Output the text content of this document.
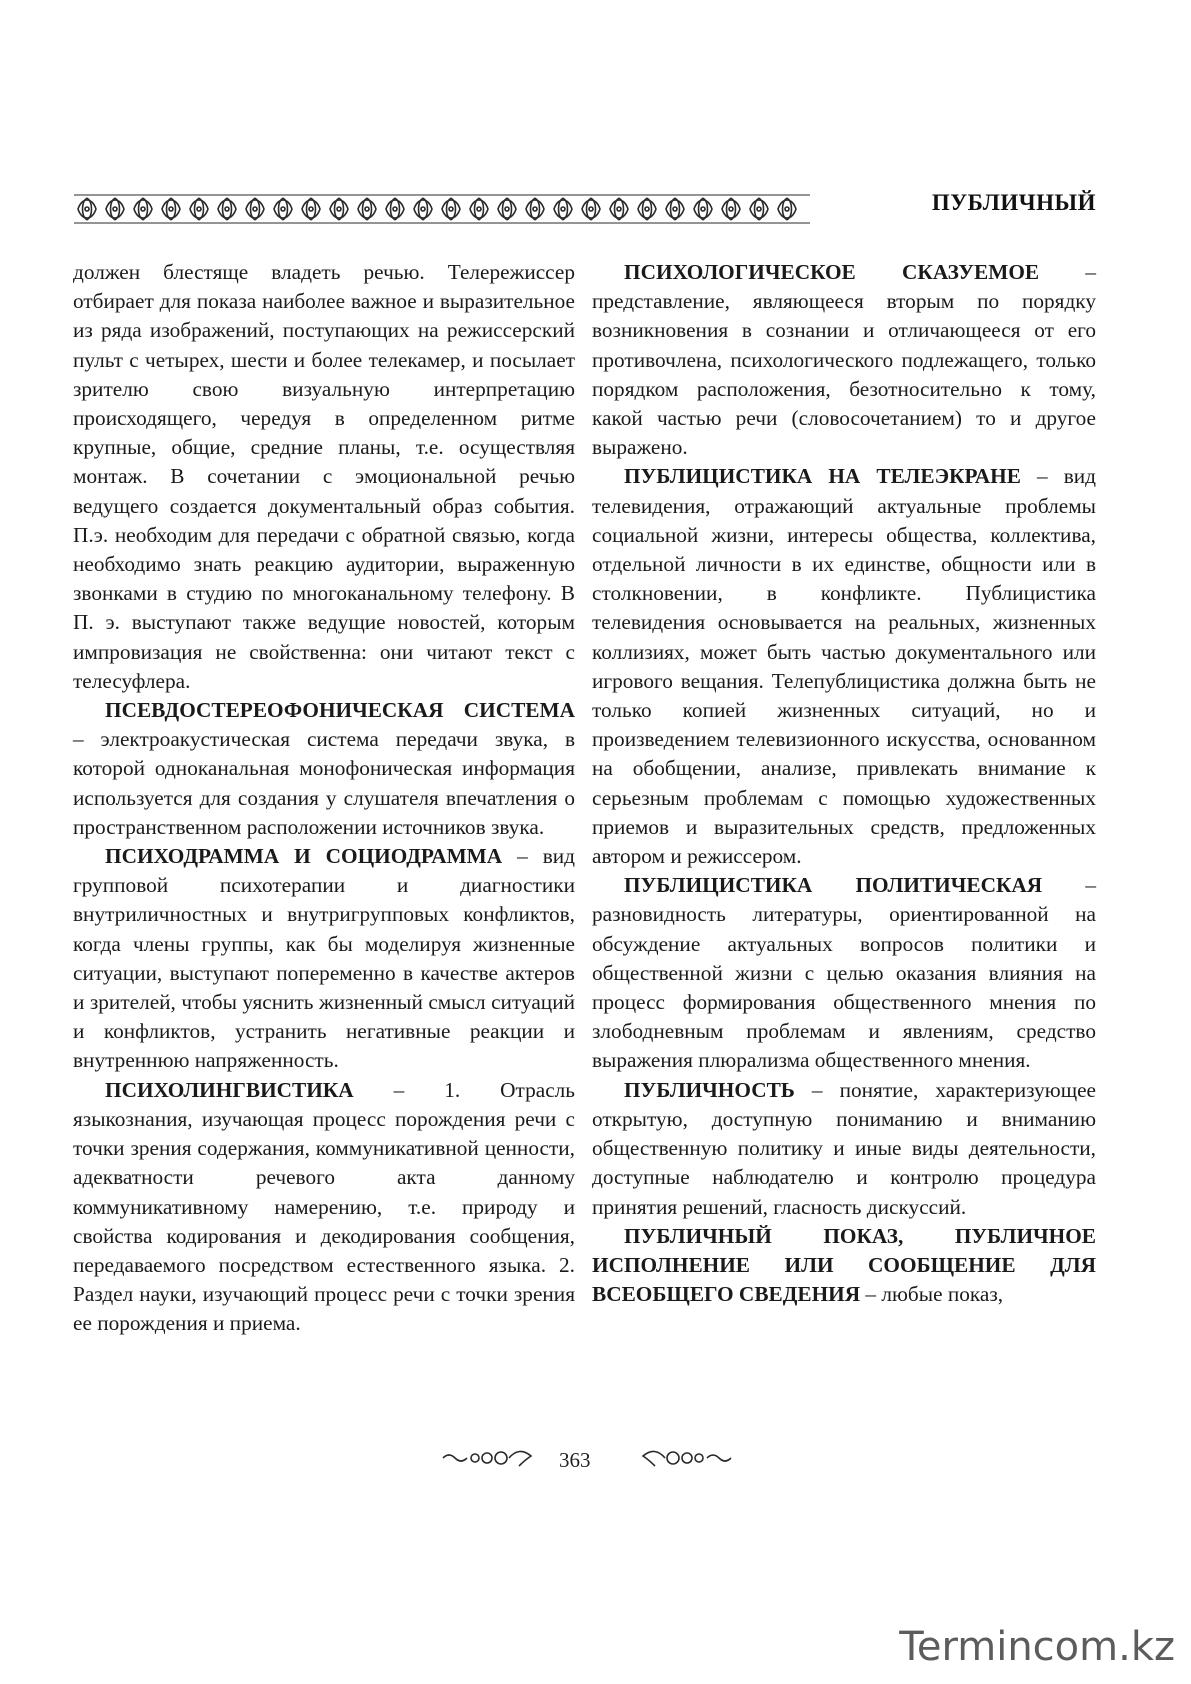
ПУБЛИЧНЫЙ

должен блестяще владеть речью. Телережиссер отбирает для показа наиболее важное и выразительное из ряда изображений, поступающих на режиссерский пульт с четырех, шести и более телекамер, и посылает зрителю свою визуальную интерпретацию происходящего, чередуя в определенном ритме крупные, общие, средние планы, т.е. осуществляя монтаж. В сочетании с эмоциональной речью ведущего создается документальный образ события. П.э. необходим для передачи с обратной связью, когда необходимо знать реакцию аудитории, выраженную звонками в студию по многоканальному телефону. В П. э. выступают также ведущие новостей, которым импровизация не свойственна: они читают текст с телесуфлера.

ПСЕВДОСТЕРЕОФОНИЧЕСКАЯ СИСТЕМА – электроакустическая система передачи звука, в которой одноканальная монофоническая информация используется для создания у слушателя впечатления о пространственном расположении источников звука.

ПСИХОДРАММА И СОЦИОДРАММА – вид групповой психотерапии и диагностики внутриличностных и внутригрупповых конфликтов, когда члены группы, как бы моделируя жизненные ситуации, выступают попеременно в качестве актеров и зрителей, чтобы уяснить жизненный смысл ситуаций и конфликтов, устранить негативные реакции и внутреннюю напряженность.

ПСИХОЛИНГВИСТИКА – 1. Отрасль языкознания, изучающая процесс порождения речи с точки зрения содержания, коммуникативной ценности, адекватности речевого акта данному коммуникативному намерению, т.е. природу и свойства кодирования и декодирования сообщения, передаваемого посредством естественного языка. 2. Раздел науки, изучающий процесс речи с точки зрения ее порождения и приема.

ПСИХОЛОГИЧЕСКОЕ СКАЗУЕМОЕ – представление, являющееся вторым по порядку возникновения в сознании и отличающееся от его противочлена, психологического подлежащего, только порядком расположения, безотносительно к тому, какой частью речи (словосочетанием) то и другое выражено.

ПУБЛИЦИСТИКА НА ТЕЛЕЭКРАНЕ – вид телевидения, отражающий актуальные проблемы социальной жизни, интересы общества, коллектива, отдельной личности в их единстве, общности или в столкновении, в конфликте. Публицистика телевидения основывается на реальных, жизненных коллизиях, может быть частью документального или игрового вещания. Телепублицистика должна быть не только копией жизненных ситуаций, но и произведением телевизионного искусства, основанном на обобщении, анализе, привлекать внимание к серьезным проблемам с помощью художественных приемов и выразительных средств, предложенных автором и режиссером.

ПУБЛИЦИСТИКА ПОЛИТИЧЕСКАЯ – разновидность литературы, ориентированной на обсуждение актуальных вопросов политики и общественной жизни с целью оказания влияния на процесс формирования общественного мнения по злободневным проблемам и явлениям, средство выражения плюрализма общественного мнения.

ПУБЛИЧНОСТЬ – понятие, характеризующее открытую, доступную пониманию и вниманию общественную политику и иные виды деятельности, доступные наблюдателю и контролю процедура принятия решений, гласность дискуссий.

ПУБЛИЧНЫЙ ПОКАЗ, ПУБЛИЧНОЕ ИСПОЛНЕНИЕ ИЛИ СООБЩЕНИЕ ДЛЯ ВСЕОБЩЕГО СВЕДЕНИЯ – любые показ,

363
Termincom.kz
